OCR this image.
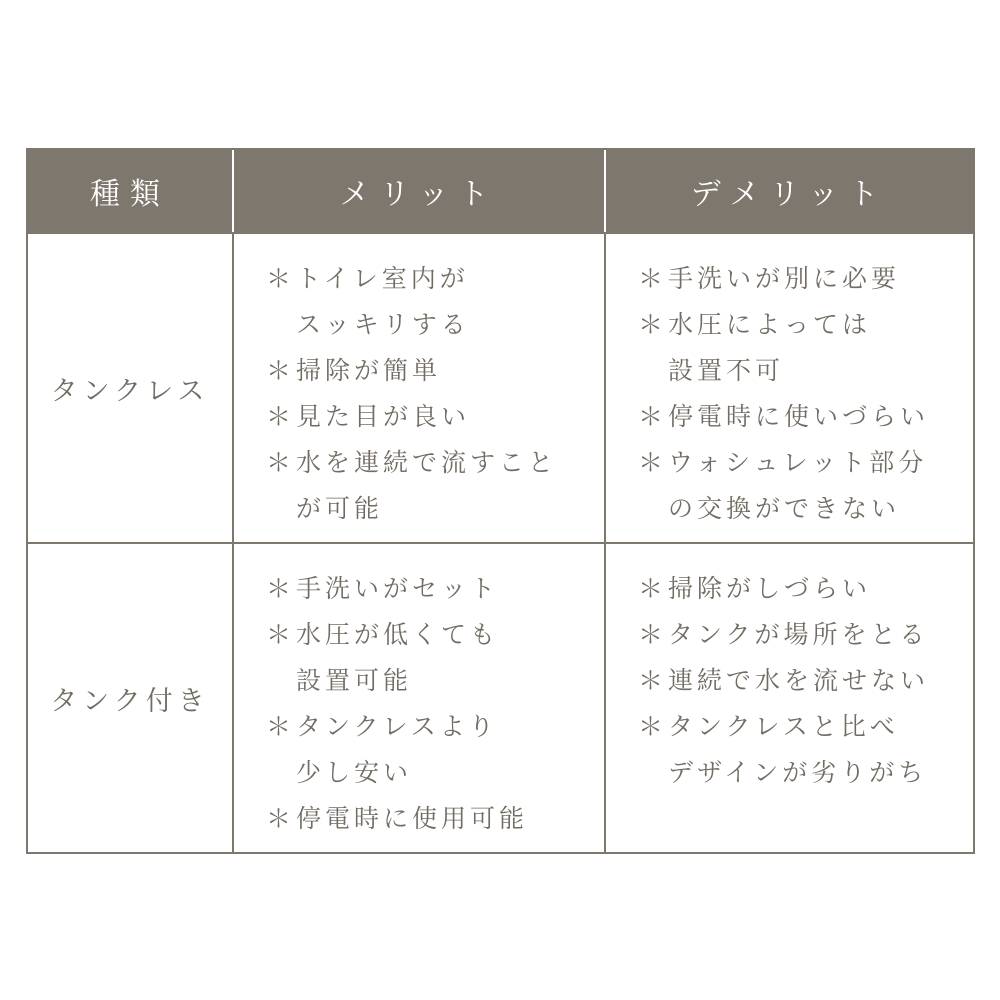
種類	メリット	デメリット
タンクレス
＊ トイレ室内が
スッキリする
＊ 掃除が簡単
＊ 見た目が良い
＊ 水を連続で流すこと
が可能
＊ 手洗いが別に必要
＊ 水圧によっては
設置不可
＊ 停電時に使いづらい
＊ ウォシュレット部分
の交換ができない
タンク付き
＊ 手洗いがセット
＊ 水圧が低くても
設置可能
＊ タンクレスより
少し安い
＊ 停電時に使用可能
＊ 掃除がしづらい
＊ タンクが場所をとる
＊ 連続で水を流せない
＊ タンクレスと比べ
デザインが劣りがち
